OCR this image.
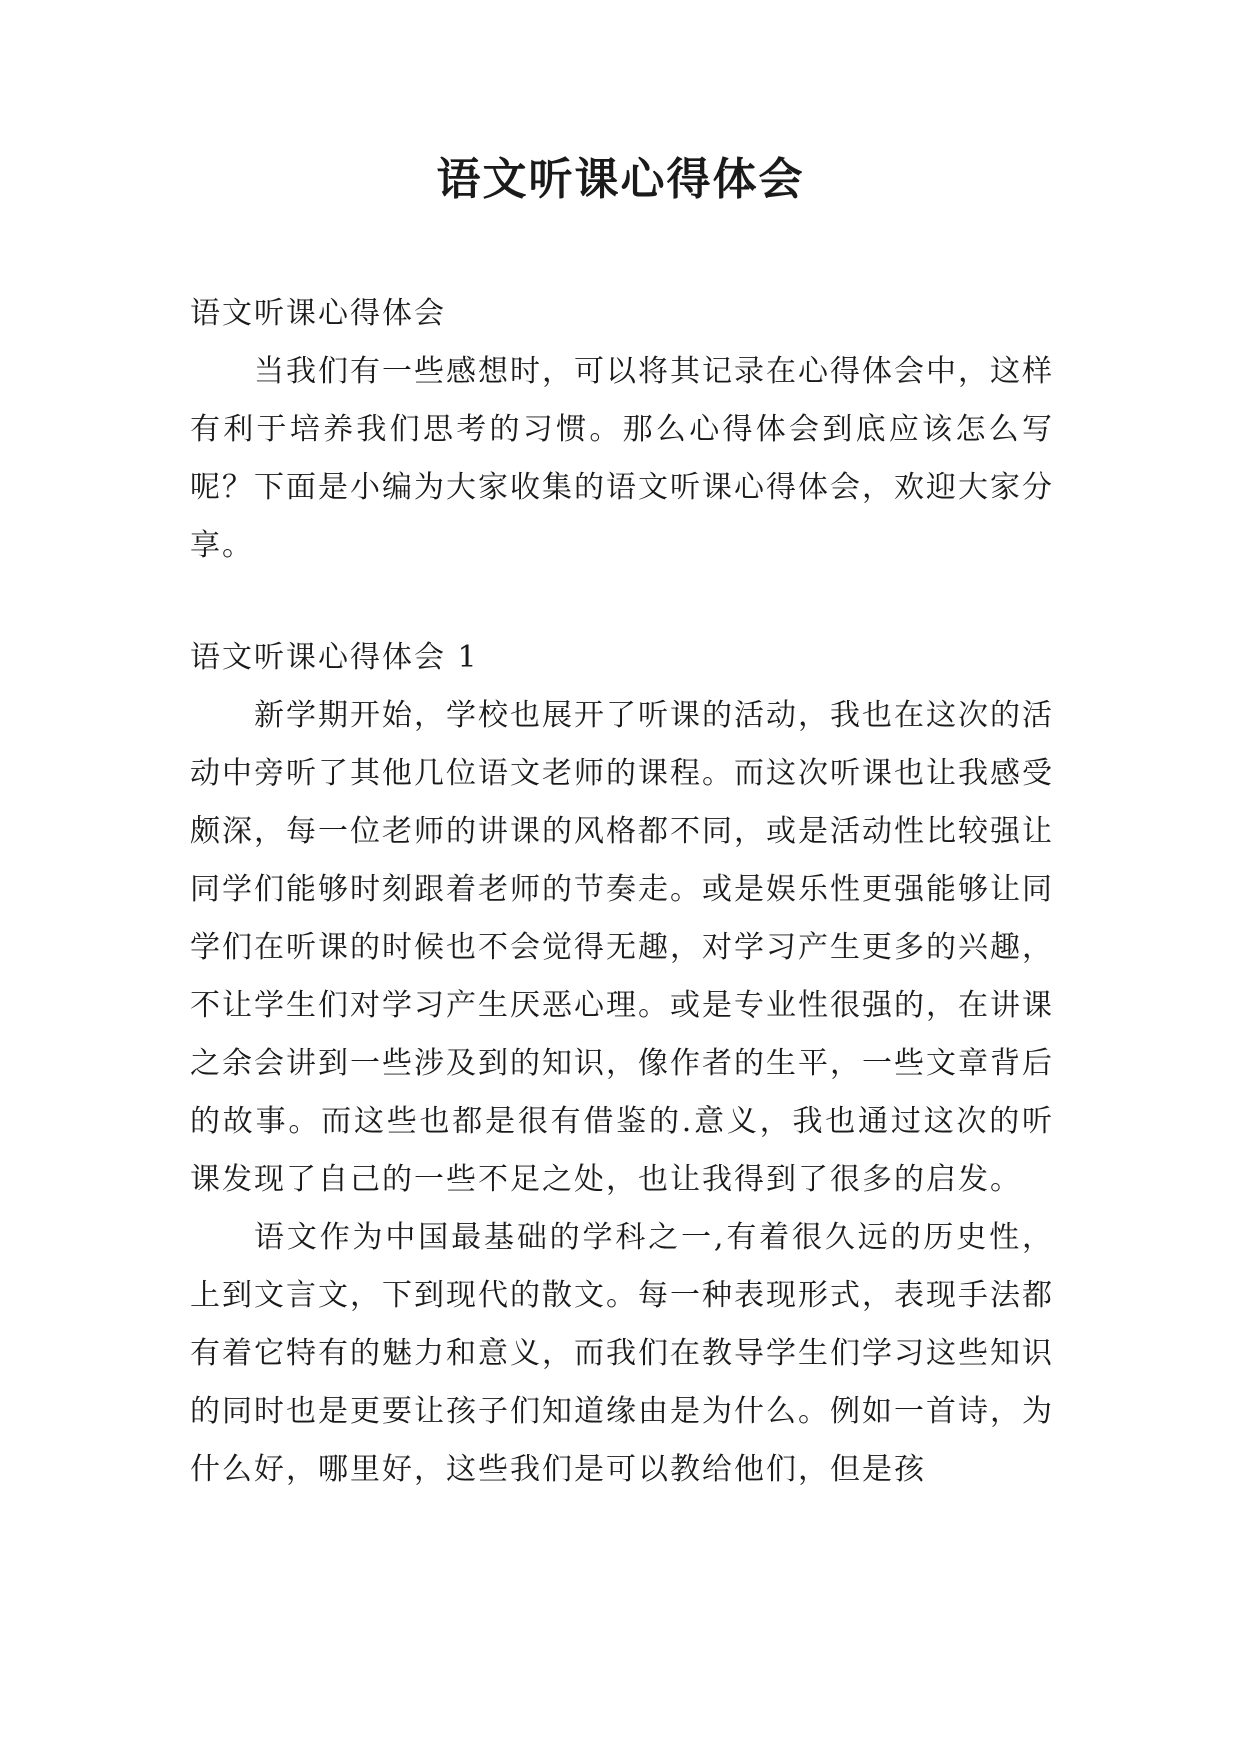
语文听课心得体会

语文听课心得体会

当我们有一些感想时，可以将其记录在心得体会中，这样有利于培养我们思考的习惯。那么心得体会到底应该怎么写呢？下面是小编为大家收集的语文听课心得体会，欢迎大家分享。

语文听课心得体会 1

新学期开始，学校也展开了听课的活动，我也在这次的活动中旁听了其他几位语文老师的课程。而这次听课也让我感受颇深，每一位老师的讲课的风格都不同，或是活动性比较强让同学们能够时刻跟着老师的节奏走。或是娱乐性更强能够让同学们在听课的时候也不会觉得无趣，对学习产生更多的兴趣，不让学生们对学习产生厌恶心理。或是专业性很强的，在讲课之余会讲到一些涉及到的知识，像作者的生平，一些文章背后的故事。而这些也都是很有借鉴的.意义，我也通过这次的听课发现了自己的一些不足之处，也让我得到了很多的启发。

语文作为中国最基础的学科之一,有着很久远的历史性，上到文言文，下到现代的散文。每一种表现形式，表现手法都有着它特有的魅力和意义，而我们在教导学生们学习这些知识的同时也是更要让孩子们知道缘由是为什么。例如一首诗，为什么好，哪里好，这些我们是可以教给他们，但是孩
